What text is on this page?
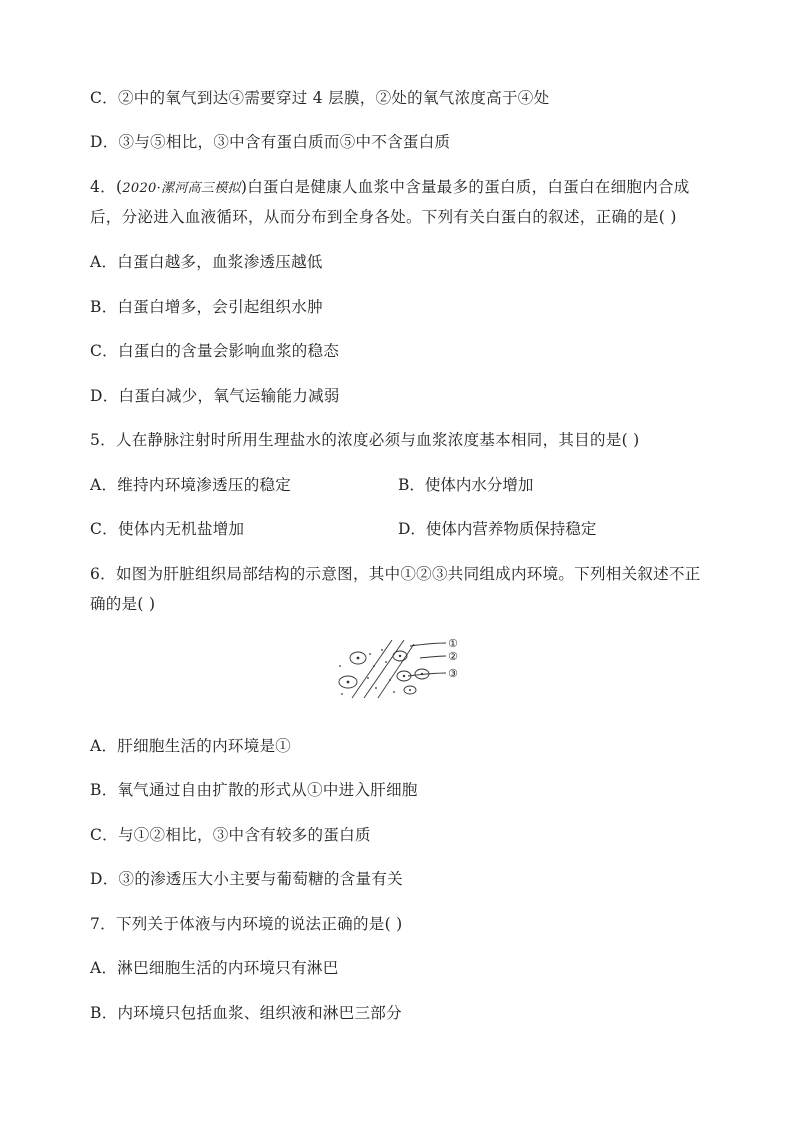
C．②中的氧气到达④需要穿过 4 层膜，②处的氧气浓度高于④处
D．③与⑤相比，③中含有蛋白质而⑤中不含蛋白质
4．(2020·漯河高三模拟)白蛋白是健康人血浆中含量最多的蛋白质，白蛋白在细胞内合成
后，分泌进入血液循环，从而分布到全身各处。下列有关白蛋白的叙述，正确的是( )
A．白蛋白越多，血浆渗透压越低
B．白蛋白增多，会引起组织水肿
C．白蛋白的含量会影响血浆的稳态
D．白蛋白减少，氧气运输能力减弱
5．人在静脉注射时所用生理盐水的浓度必须与血浆浓度基本相同，其目的是( )
A．维持内环境渗透压的稳定	B．使体内水分增加
C．使体内无机盐增加	D．使体内营养物质保持稳定
6．如图为肝脏组织局部结构的示意图，其中①②③共同组成内环境。下列相关叙述不正
确的是( )
①
②
③
A．肝细胞生活的内环境是①
B．氧气通过自由扩散的形式从①中进入肝细胞
C．与①②相比，③中含有较多的蛋白质
D．③的渗透压大小主要与葡萄糖的含量有关
7．下列关于体液与内环境的说法正确的是( )
A．淋巴细胞生活的内环境只有淋巴
B．内环境只包括血浆、组织液和淋巴三部分
